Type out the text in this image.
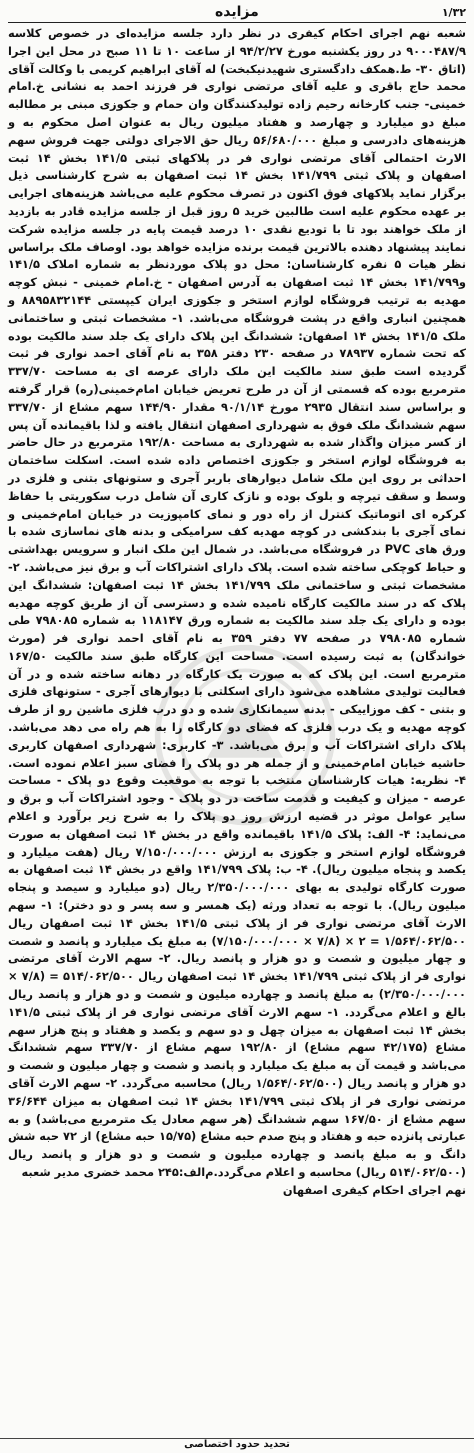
۱/۳۲
مزایده

شعبه نهم اجرای احکام کیفری در نظر دارد جلسه مزایده‌ای در خصوص کلاسه ۹۰۰۰۴۸۷/۹ در روز یکشنبه مورخ ۹۴/۲/۲۷ از ساعت ۱۰ تا ۱۱ صبح در محل این اجرا (اتاق ۳۰- ط.همکف دادگستری شهیدنیکبخت) له آقای ابراهیم کریمی با وکالت آقای محمد حاج باقری و علیه آقای مرتضی نواری فر فرزند احمد به نشانی خ.امام خمینی- جنب کارخانه رحیم زاده تولیدکنندگان وان حمام و جکوزی مبنی بر مطالبه مبلغ دو میلیارد و چهارصد و هفتاد میلیون ریال به عنوان اصل محکوم به و هزینه‌های دادرسی و مبلغ ۵۶/۶۸۰/۰۰۰ ریال حق الاجرای دولتی جهت فروش سهم الارث احتمالی آقای مرتضی نواری فر در پلاکهای ثبتی ۱۴۱/۵ بخش ۱۴ ثبت اصفهان و پلاک ثبتی ۱۴۱/۷۹۹ بخش ۱۴ ثبت اصفهان به شرح کارشناسی ذیل برگزار نماید پلاکهای فوق اکنون در تصرف محکوم علیه می‌باشد هزینه‌های اجرایی بر عهده محکوم علیه است طالبین خرید ۵ روز قبل از جلسه مزایده قادر به بازدید از ملک خواهند بود تا با تودیع نقدی ۱۰ درصد قیمت پایه در جلسه مزایده شرکت نمایند پیشنهاد دهنده بالاترین قیمت برنده مزایده خواهد بود. اوصاف ملک براساس نظر هیات ۵ نفره کارشناسان: محل دو پلاک موردنظر به شماره املاک ۱۴۱/۵ و۱۴۱/۷۹۹ بخش ۱۴ ثبت اصفهان به آدرس اصفهان - خ.امام خمینی - نبش کوچه مهدیه به ترتیب فروشگاه لوازم استخر و جکوزی ایران کیپستی ۸۸۹۵۸۳۲۱۴۴ و همچنین انباری واقع در پشت فروشگاه می‌باشد. ۱- مشخصات ثبتی و ساختمانی ملک ۱۴۱/۵ بخش ۱۴ اصفهان: ششدانگ این پلاک دارای یک جلد سند مالکیت بوده که تحت شماره ۷۸۹۳۷ در صفحه ۲۳۰ دفتر ۳۵۸ به نام آقای احمد نواری فر ثبت گردیده است طبق سند مالکیت این ملک دارای عرصه ای به مساحت ۳۳۷/۷۰ مترمربع بوده که قسمتی از آن در طرح تعریض خیابان امام‌خمینی(ره) قرار گرفته و براساس سند انتقال ۲۹۳۵ مورخ ۹۰/۱/۱۴ مقدار ۱۴۴/۹۰ سهم مشاع از ۳۳۷/۷۰ سهم ششدانگ ملک فوق به شهرداری اصفهان انتقال یافته و لذا باقیمانده آن پس از کسر میزان واگذار شده به شهرداری به مساحت ۱۹۲/۸۰ مترمربع در حال حاضر به فروشگاه لوازم استخر و جکوزی اختصاص داده شده است. اسکلت ساختمان احداثی بر روی این ملک شامل دیوارهای باربر آجری و ستونهای بتنی و فلزی در وسط و سقف تیرچه و بلوک بوده و نازک کاری آن شامل درب سکوریتی با حفاظ کرکره ای اتوماتیک کنترل از راه دور و نمای کامپوزیت در خیابان امام‌خمینی و نمای آجری با بندکشی در کوچه مهدیه کف سرامیکی و بدنه های نماسازی شده با ورق های PVC در فروشگاه می‌باشد. در شمال این ملک انبار و سرویس بهداشتی و حیاط کوچکی ساخته شده است. پلاک دارای اشتراکات آب و برق نیز می‌باشد. ۲- مشخصات ثبتی و ساختمانی ملک ۱۴۱/۷۹۹ بخش ۱۴ ثبت اصفهان: ششدانگ این پلاک که در سند مالکیت کارگاه نامیده شده و دسترسی آن از طریق کوچه مهدیه بوده و دارای یک جلد سند مالکیت به شماره ورق ۱۱۸۱۴۷ به شماره ۷۹۸۰۸۵ طی شماره ۷۹۸۰۸۵ در صفحه ۷۷ دفتر ۳۵۹ به نام آقای احمد نواری فر (مورث خواندگان) به ثبت رسیده است. مساحت این کارگاه طبق سند مالکیت ۱۶۷/۵۰ مترمربع است. این پلاک که به صورت یک کارگاه در دهانه ساخته شده و در آن فعالیت تولیدی مشاهده می‌شود دارای اسکلتی با دیوارهای آجری - ستونهای فلزی و بتنی - کف موزاییکی - بدنه سیمانکاری شده و دو درب فلزی ماشین رو از طرف کوچه مهدیه و یک درب فلزی که فضای دو کارگاه را به هم راه می دهد می‌باشد. پلاک دارای اشتراکات آب و برق می‌باشد. ۳- کاربری: شهرداری اصفهان کاربری حاشیه خیابان امام‌خمینی و از جمله هر دو پلاک را فضای سبز اعلام نموده است. ۴- نظریه: هیات کارشناسان منتخب با توجه به موقعیت وقوع دو پلاک - مساحت عرصه - میزان و کیفیت و قدمت ساخت در دو پلاک - وجود اشتراکات آب و برق و سایر عوامل موثر در قضیه ارزش روز دو پلاک را به شرح زیر برآورد و اعلام می‌نماید: ۴- الف: پلاک ۱۴۱/۵ باقیمانده واقع در بخش ۱۴ ثبت اصفهان به صورت فروشگاه لوازم استخر و جکوزی به ارزش ۷/۱۵۰/۰۰۰/۰۰۰ ریال (هفت میلیارد و یکصد و پنجاه میلیون ریال). ۴- ب: پلاک ۱۴۱/۷۹۹ واقع در بخش ۱۴ ثبت اصفهان به صورت کارگاه تولیدی به بهای ۲/۳۵۰/۰۰۰/۰۰۰ ریال (دو میلیارد و سیصد و پنجاه میلیون ریال). با توجه به تعداد ورثه (یک همسر و سه پسر و دو دختر): ۱- سهم الارث آقای مرتضی نواری فر از پلاک ثبتی ۱۴۱/۵ بخش ۱۴ ثبت اصفهان ریال ۱/۵۶۴/۰۶۲/۵۰۰ = ۲ × (۷/۸ × ۷/۱۵۰/۰۰۰/۰۰۰) به مبلغ یک میلیارد و پانصد و شصت و چهار میلیون و شصت و دو هزار و پانصد ریال. ۲- سهم الارث آقای مرتضی نواری فر از پلاک ثبتی ۱۴۱/۷۹۹ بخش ۱۴ ثبت اصفهان ریال ۵۱۴/۰۶۲/۵۰۰ = (۷/۸ × ۲/۳۵۰/۰۰۰/۰۰۰) به مبلغ پانصد و چهارده میلیون و شصت و دو هزار و پانصد ریال بالغ و اعلام می‌گردد. ۱- سهم الارث آقای مرتضی نواری فر از پلاک ثبتی ۱۴۱/۵ بخش ۱۴ ثبت اصفهان به میزان چهل و دو سهم و یکصد و هفتاد و پنج هزار سهم مشاع (۴۲/۱۷۵ سهم مشاع) از ۱۹۲/۸۰ سهم مشاع از ۳۳۷/۷۰ سهم ششدانگ می‌باشد و قیمت آن به مبلغ یک میلیارد و پانصد و شصت و چهار میلیون و شصت و دو هزار و پانصد ریال (۱/۵۶۴/۰۶۲/۵۰۰ ریال) محاسبه می‌گردد. ۲- سهم الارث آقای مرتضی نواری فر از پلاک ثبتی ۱۴۱/۷۹۹ بخش ۱۴ ثبت اصفهان به میزان ۳۶/۶۴۴ سهم مشاع از ۱۶۷/۵۰ سهم ششدانگ (هر سهم معادل یک مترمربع می‌باشد) و به عبارتی پانزده حبه و هفتاد و پنج صدم حبه مشاع (۱۵/۷۵ حبه مشاع) از ۷۲ حبه شش دانگ و به مبلغ پانصد و چهارده میلیون و شصت و دو هزار و پانصد ریال (۵۱۴/۰۶۲/۵۰۰ ریال) محاسبه و اعلام می‌گردد.م‌الف:۲۴۵ محمد خضری مدیر شعبه

نهم اجرای احکام کیفری اصفهان
تحدید حدود اختصاصی
